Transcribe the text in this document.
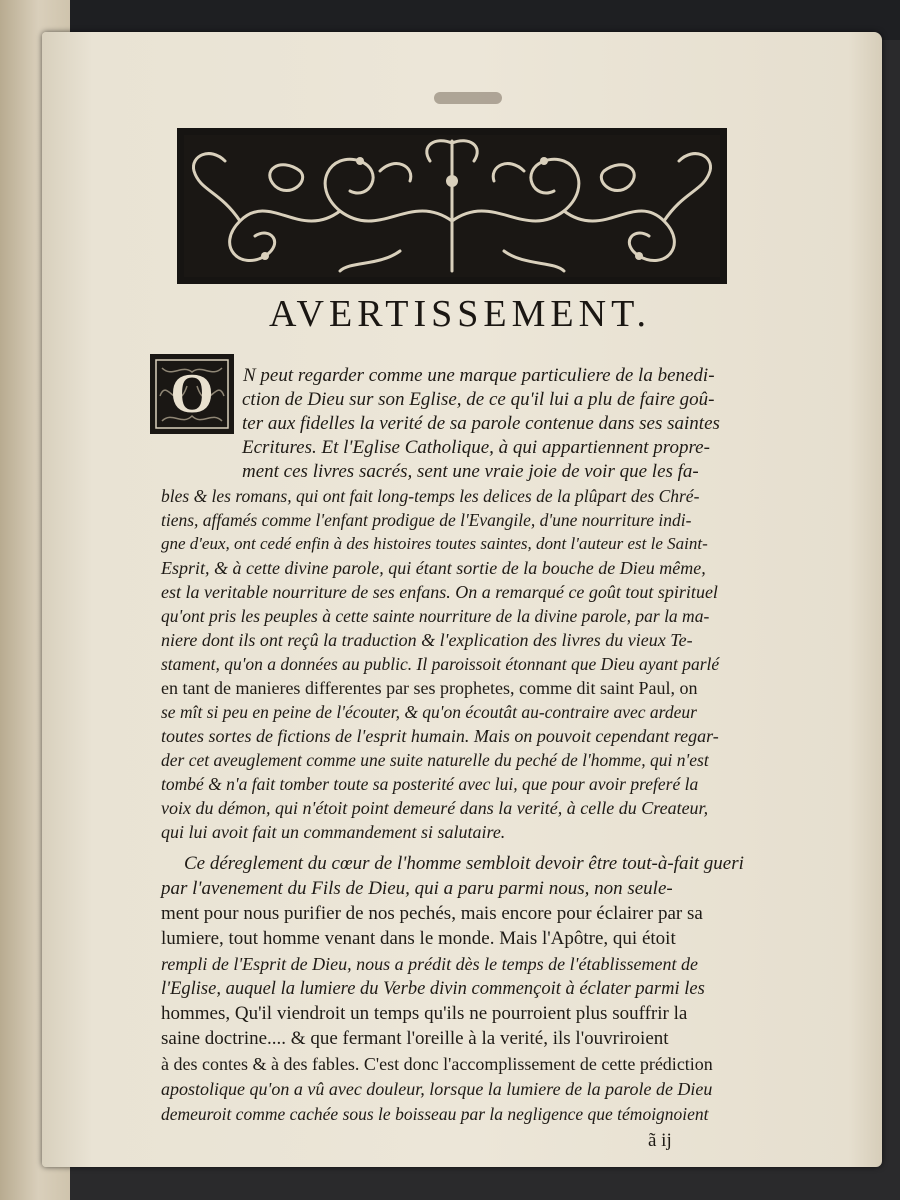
AVERTISSEMENT.
O	N peut regarder comme une marque particuliere de la benedi-
ction de Dieu sur son Eglise, de ce qu'il lui a plu de faire goû-
ter aux fidelles la verité de sa parole contenue dans ses saintes
Ecritures. Et l'Eglise Catholique, à qui appartiennent propre-
ment ces livres sacrés, sent une vraie joie de voir que les fa-
bles & les romans, qui ont fait long-temps les delices de la plûpart des Chré-
tiens, affamés comme l'enfant prodigue de l'Evangile, d'une nourriture indi-
gne d'eux, ont cedé enfin à des histoires toutes saintes, dont l'auteur est le Saint-
Esprit, & à cette divine parole, qui étant sortie de la bouche de Dieu même,
est la veritable nourriture de ses enfans. On a remarqué ce goût tout spirituel
qu'ont pris les peuples à cette sainte nourriture de la divine parole, par la ma-
niere dont ils ont reçû la traduction & l'explication des livres du vieux Te-
stament, qu'on a données au public. Il paroissoit étonnant que Dieu ayant parlé
en tant de manieres differentes par ses prophetes, comme dit saint Paul, on
se mît si peu en peine de l'écouter, & qu'on écoutât au-contraire avec ardeur
toutes sortes de fictions de l'esprit humain. Mais on pouvoit cependant regar-
der cet aveuglement comme une suite naturelle du peché de l'homme, qui n'est
tombé & n'a fait tomber toute sa posterité avec lui, que pour avoir preferé la
voix du démon, qui n'étoit point demeuré dans la verité, à celle du Createur,
qui lui avoit fait un commandement si salutaire.
Ce déreglement du cœur de l'homme sembloit devoir être tout-à-fait gueri
par l'avenement du Fils de Dieu, qui a paru parmi nous, non seule-
ment pour nous purifier de nos pechés, mais encore pour éclairer par sa
lumiere, tout homme venant dans le monde. Mais l'Apôtre, qui étoit
rempli de l'Esprit de Dieu, nous a prédit dès le temps de l'établissement de
l'Eglise, auquel la lumiere du Verbe divin commençoit à éclater parmi les
hommes, Qu'il viendroit un temps qu'ils ne pourroient plus souffrir la
saine doctrine.... & que fermant l'oreille à la verité, ils l'ouvriroient
à des contes & à des fables. C'est donc l'accomplissement de cette prédiction
apostolique qu'on a vû avec douleur, lorsque la lumiere de la parole de Dieu
demeuroit comme cachée sous le boisseau par la negligence que témoignoient
ã ij
